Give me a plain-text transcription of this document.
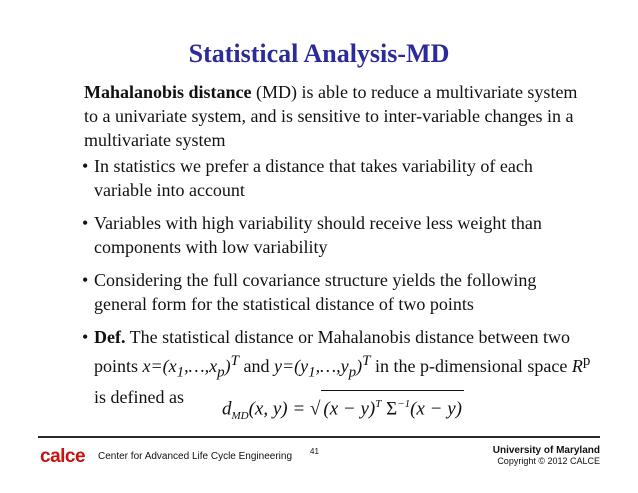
Statistical Analysis-MD
Mahalanobis distance (MD) is able to reduce a multivariate system to a univariate system, and is sensitive to inter-variable changes in a multivariate system
• In statistics we prefer a distance that takes variability of each variable into account
• Variables with high variability should receive less weight than components with low variability
• Considering the full covariance structure yields the following general form for the statistical distance of two points
• Def. The statistical distance or Mahalanobis distance between two points $x=(x_1,\dots,x_p)^T$ and $y=(y_1,\dots,y_p)^T$ in the p-dimensional space $R^p$ is defined as
$d_{MD}(x$, y) = √ $(x - y)^T$ $\Sigma^{-1}(x - y)$
calce Center for Advanced Life Cycle Engineering 41	University of Maryland
Copyright © 2012 CALCE
